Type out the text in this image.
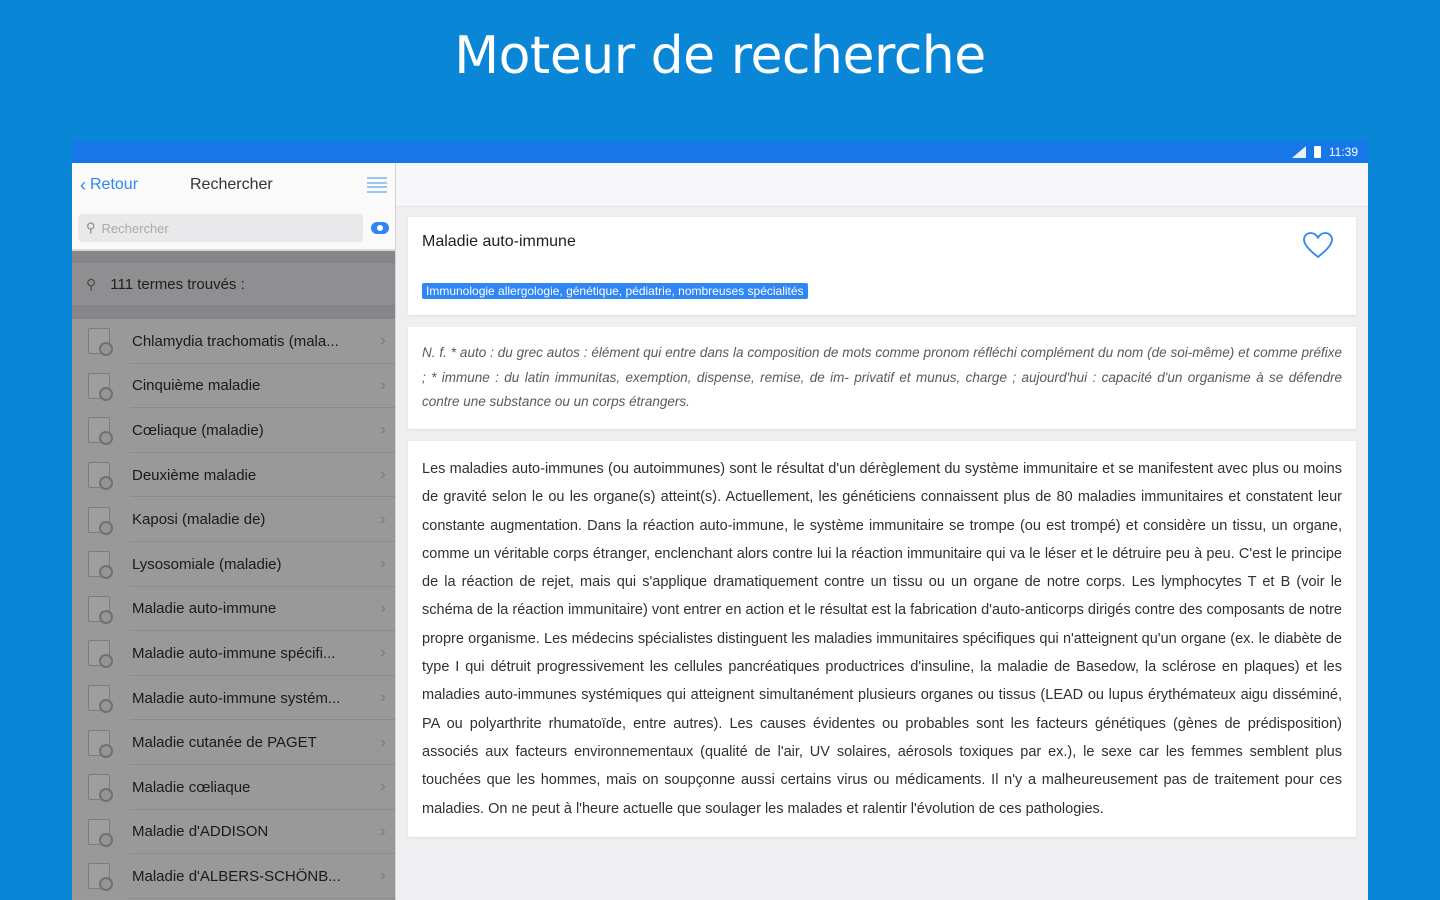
Moteur de recherche
11:39
‹ Retour	Rechercher
⚲
Rechercher
⚲ 111 termes trouvés :
Chlamydia trachomatis (mala...	›
Cinquième maladie	›
Cœliaque (maladie)	›
Deuxième maladie	›
Kaposi (maladie de)	›
Lysosomiale (maladie)	›
Maladie auto-immune	›
Maladie auto-immune spécifi...	›
Maladie auto-immune systém...	›
Maladie cutanée de PAGET	›
Maladie cœliaque	›
Maladie d'ADDISON	›
Maladie d'ALBERS-SCHÖNB...	›
Maladie auto-immune
Immunologie allergologie, génétique, pédiatrie, nombreuses spécialités

N. f. * auto : du grec autos : élément qui entre dans la composition de mots comme pronom réfléchi complément du nom (de soi-même) et comme préfixe ; * immune : du latin immunitas, exemption, dispense, remise, de im- privatif et munus, charge ; aujourd'hui : capacité d'un organisme à se défendre contre une substance ou un corps étrangers.

Les maladies auto-immunes (ou autoimmunes) sont le résultat d'un dérèglement du système immunitaire et se manifestent avec plus ou moins de gravité selon le ou les organe(s) atteint(s). Actuellement, les généticiens connaissent plus de 80 maladies immunitaires et constatent leur constante augmentation. Dans la réaction auto-immune, le système immunitaire se trompe (ou est trompé) et considère un tissu, un organe, comme un véritable corps étranger, enclenchant alors contre lui la réaction immunitaire qui va le léser et le détruire peu à peu. C'est le principe de la réaction de rejet, mais qui s'applique dramatiquement contre un tissu ou un organe de notre corps. Les lymphocytes T et B (voir le schéma de la réaction immunitaire) vont entrer en action et le résultat est la fabrication d'auto-anticorps dirigés contre des composants de notre propre organisme. Les médecins spécialistes distinguent les maladies immunitaires spécifiques qui n'atteignent qu'un organe (ex. le diabète de type I qui détruit progressivement les cellules pancréatiques productrices d'insuline, la maladie de Basedow, la sclérose en plaques) et les maladies auto-immunes systémiques qui atteignent simultanément plusieurs organes ou tissus (LEAD ou lupus érythémateux aigu disséminé, PA ou polyarthrite rhumatoïde, entre autres). Les causes évidentes ou probables sont les facteurs génétiques (gènes de prédisposition) associés aux facteurs environnementaux (qualité de l'air, UV solaires, aérosols toxiques par ex.), le sexe car les femmes semblent plus touchées que les hommes, mais on soupçonne aussi certains virus ou médicaments. Il n'y a malheureusement pas de traitement pour ces maladies. On ne peut à l'heure actuelle que soulager les malades et ralentir l'évolution de ces pathologies.
